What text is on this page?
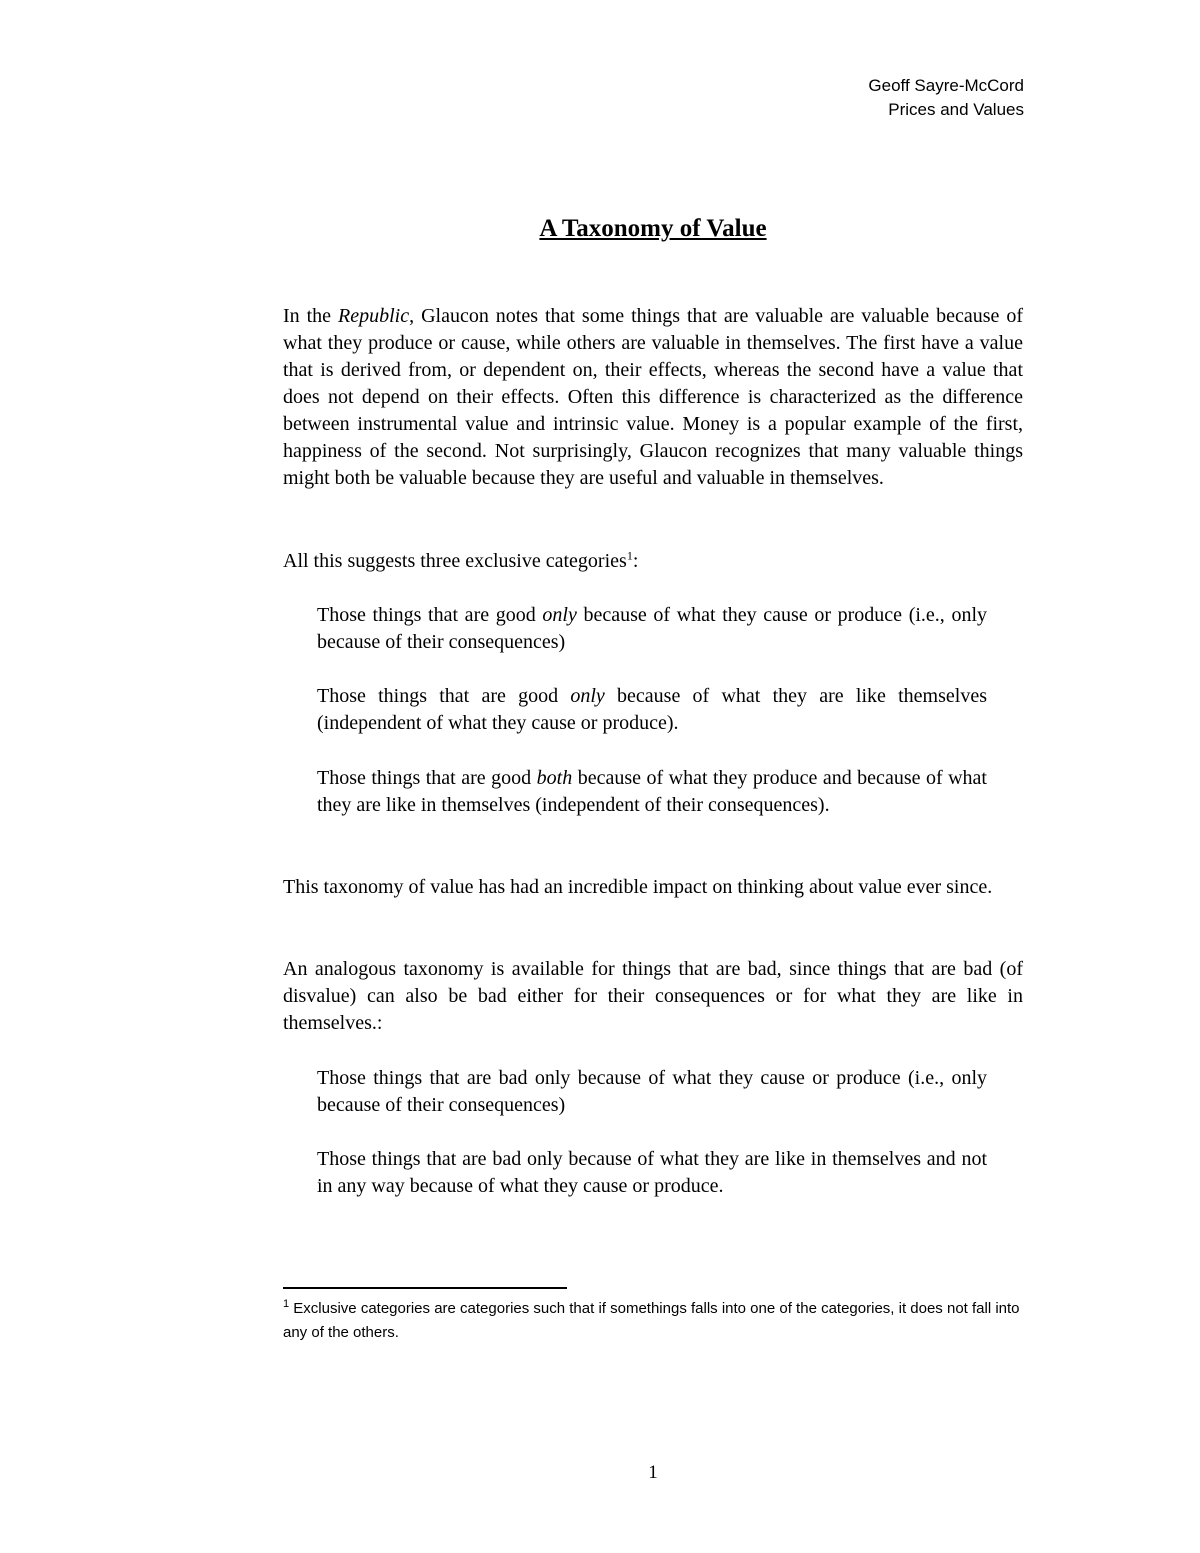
Geoff Sayre-McCord
Prices and Values
A Taxonomy of Value

In the Republic, Glaucon notes that some things that are valuable are valuable because of what they produce or cause, while others are valuable in themselves. The first have a value that is derived from, or dependent on, their effects, whereas the second have a value that does not depend on their effects. Often this difference is characterized as the difference between instrumental value and intrinsic value. Money is a popular example of the first, happiness of the second. Not surprisingly, Glaucon recognizes that many valuable things might both be valuable because they are useful and valuable in themselves.

All this suggests three exclusive categories$^1$:

Those things that are good only because of what they cause or produce (i.e., only because of their consequences)

Those things that are good only because of what they are like themselves (independent of what they cause or produce).

Those things that are good both because of what they produce and because of what they are like in themselves (independent of their consequences).

This taxonomy of value has had an incredible impact on thinking about value ever since.

An analogous taxonomy is available for things that are bad, since things that are bad (of disvalue) can also be bad either for their consequences or for what they are like in themselves.:

Those things that are bad only because of what they cause or produce (i.e., only because of their consequences)

Those things that are bad only because of what they are like in themselves and not in any way because of what they cause or produce.

$^1$ Exclusive categories are categories such that if somethings falls into one of the categories, it does not fall into any of the others.
1
